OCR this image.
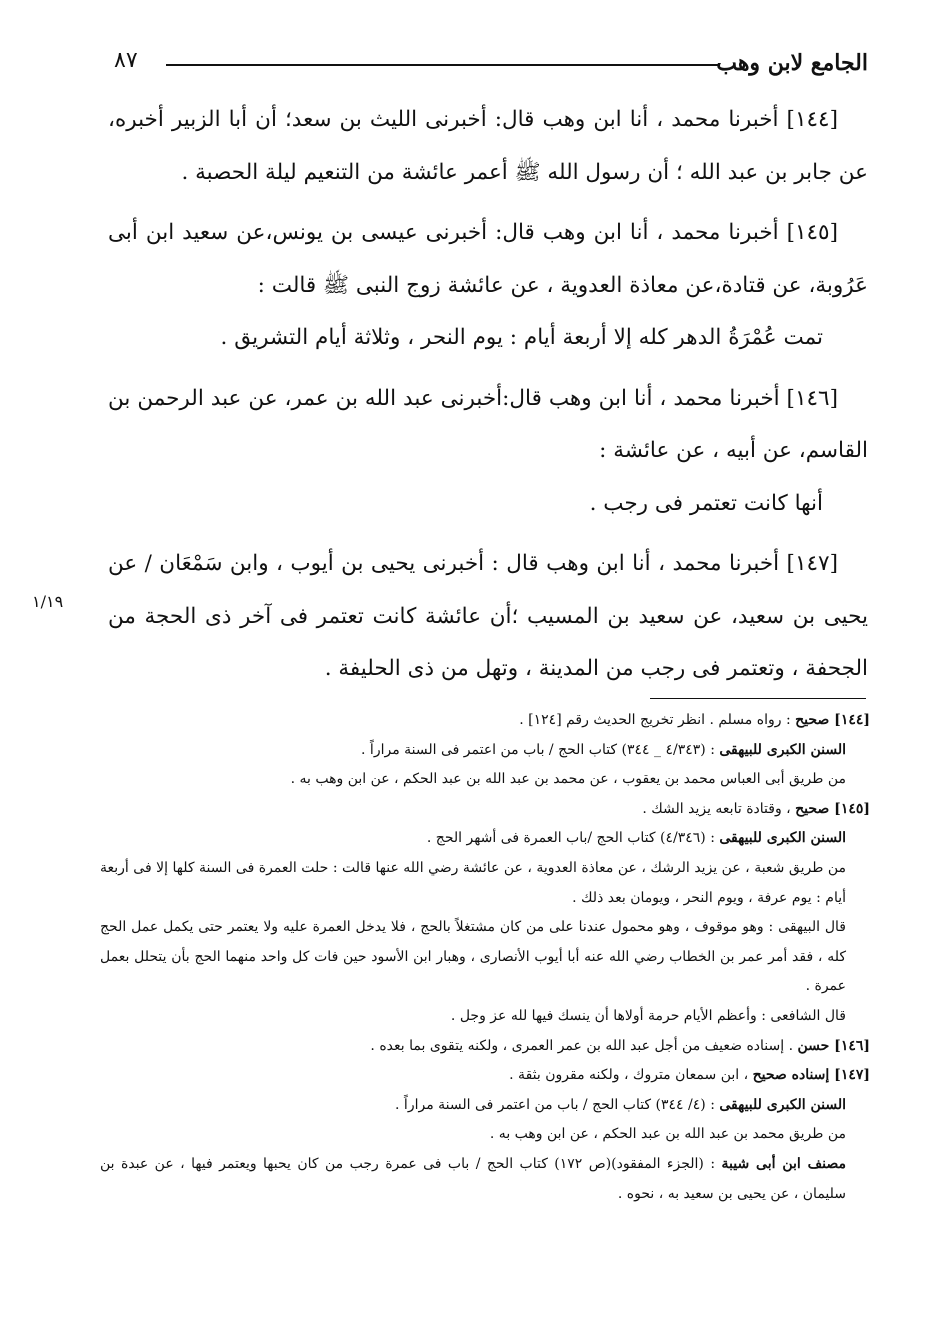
٨٧	الجامع لابن وهب

[١٤٤] أخبرنا محمد ، أنا ابن وهب قال: أخبرنى الليث بن سعد؛ أن أبا الزبير أخبره، عن جابر بن عبد الله ؛ أن رسول الله ﷺ أعمر عائشة من التنعيم ليلة الحصبة .

[١٤٥] أخبرنا محمد ، أنا ابن وهب قال: أخبرنى عيسى بن يونس،عن سعيد ابن أبى عَرُوبة، عن قتادة،عن معاذة العدوية ، عن عائشة زوج النبى ﷺ قالت :

تمت عُمْرَةُ الدهر كله إلا أربعة أيام : يوم النحر ، وثلاثة أيام التشريق .

[١٤٦] أخبرنا محمد ، أنا ابن وهب قال:أخبرنى عبد الله بن عمر، عن عبد الرحمن بن القاسم، عن أبيه ، عن عائشة :

أنها كانت تعتمر فى رجب .

[١٤٧] أخبرنا محمد ، أنا ابن وهب قال : أخبرنى يحيى بن أيوب ، وابن سَمْعَان / عن يحيى بن سعيد، عن سعيد بن المسيب ؛أن عائشة كانت تعتمر فى آخر ذى الحجة من الجحفة ، وتعتمر فى رجب من المدينة ، وتهل من ذى الحليفة .

١/١٩

[١٤٤] صحيح : رواه مسلم . انظر تخريج الحديث رقم [١٢٤] .

السنن الكبرى للبيهقى : (٤/٣٤٣ _ ٣٤٤) كتاب الحج / باب من اعتمر فى السنة مراراً .

من طريق أبى العباس محمد بن يعقوب ، عن محمد بن عبد الله بن عبد الحكم ، عن ابن وهب به .

[١٤٥] صحيح ، وقتادة تابعه يزيد الشك .

السنن الكبرى للبيهقى : (٤/٣٤٦) كتاب الحج /باب العمرة فى أشهر الحج .

من طريق شعبة ، عن يزيد الرشك ، عن معاذة العدوية ، عن عائشة رضي الله عنها قالت : حلت العمرة فى السنة كلها إلا فى أربعة أيام : يوم عرفة ، ويوم النحر ، ويومان بعد ذلك .

قال البيهقى : وهو موقوف ، وهو محمول عندنا على من كان مشتغلاً بالحج ، فلا يدخل العمرة عليه ولا يعتمر حتى يكمل عمل الحج كله ، فقد أمر عمر بن الخطاب رضي الله عنه أبا أيوب الأنصارى ، وهبار ابن الأسود حين فات كل واحد منهما الحج بأن يتحلل بعمل عمرة .

قال الشافعى : وأعظم الأيام حرمة أولاها أن ينسك فيها لله عز وجل .

[١٤٦] حسن . إسناده ضعيف من أجل عبد الله بن عمر العمرى ، ولكنه يتقوى بما بعده .

[١٤٧] إسناده صحيح ، ابن سمعان متروك ، ولكنه مقرون بثقة .

السنن الكبرى للبيهقى : (٤/ ٣٤٤) كتاب الحج / باب من اعتمر فى السنة مراراً .

من طريق محمد بن عبد الله بن عبد الحكم ، عن ابن وهب به .

مصنف ابن أبى شيبة : (الجزء المفقود)(ص ١٧٢) كتاب الحج / باب فى عمرة رجب من كان يحبها ويعتمر فيها ، عن عبدة بن سليمان ، عن يحيى بن سعيد به ، نحوه .
